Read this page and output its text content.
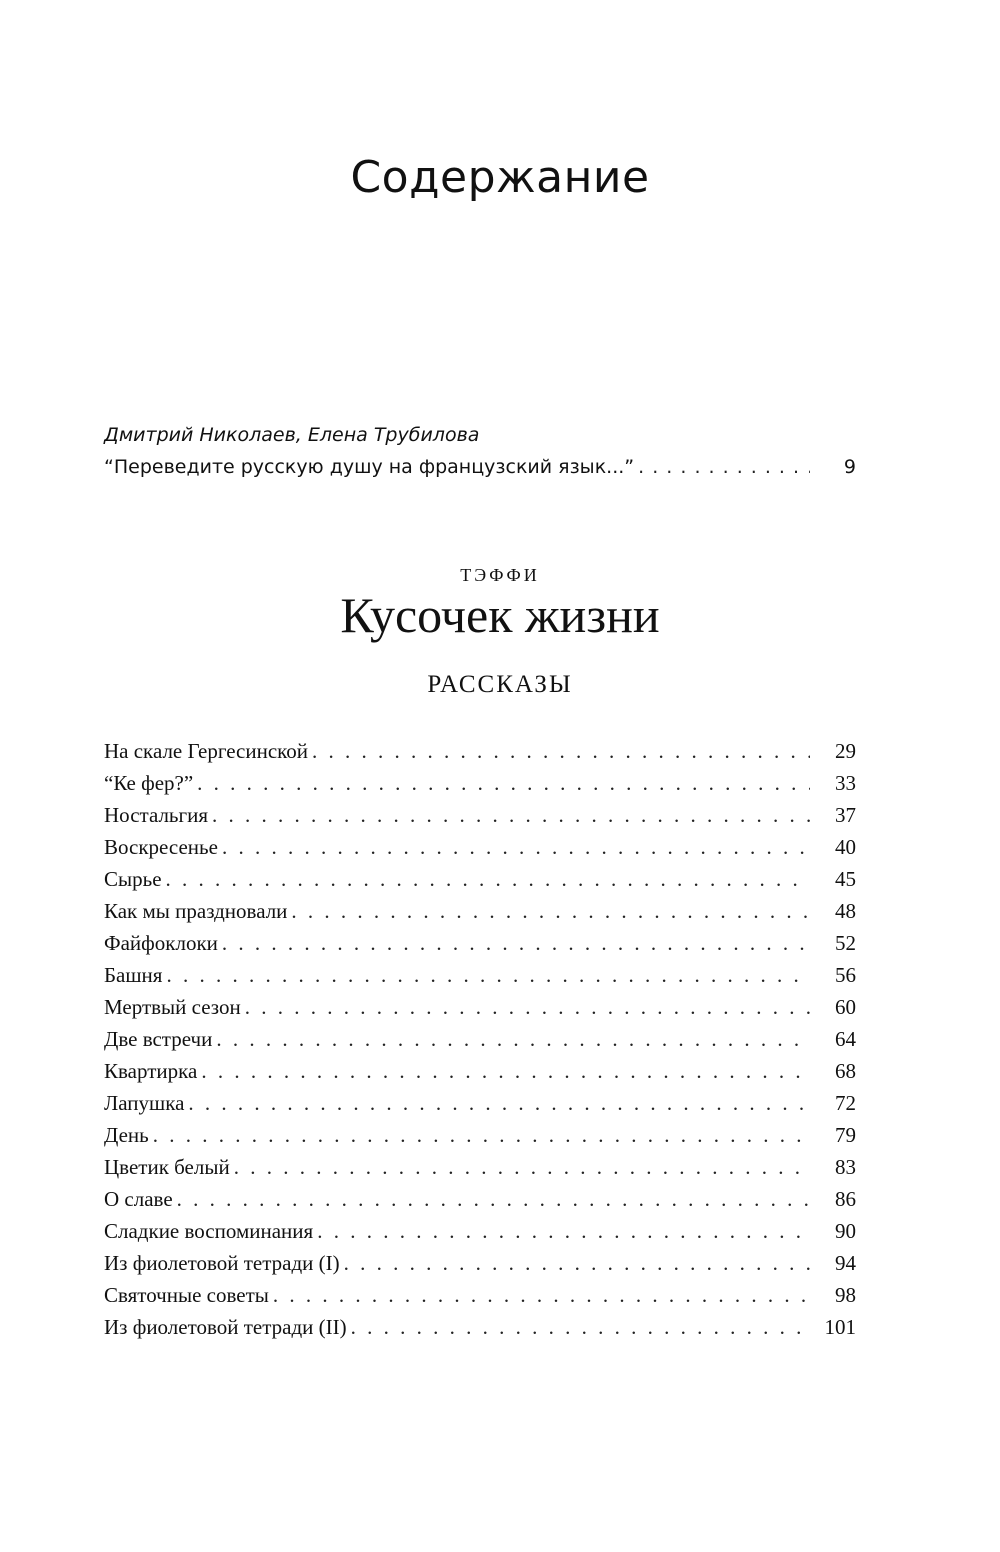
Содержание
Дмитрий Николаев, Елена Трубилова
“Переведите русскую душу на французский язык...” . . .	9
ТЭФФИ
Кусочек жизни
РАССКАЗЫ
На скале Гергесинской . . .	29
“Ке фер?” . . .	33
Ностальгия . . .	37
Воскресенье . . .	40
Сырье . . .	45
Как мы праздновали . . .	48
Файфоклоки . . .	52
Башня . . .	56
Мертвый сезон . . .	60
Две встречи . . .	64
Квартирка . . .	68
Лапушка . . .	72
День . . .	79
Цветик белый . . .	83
О славе . . .	86
Сладкие воспоминания . . .	90
Из фиолетовой тетради (I) . . .	94
Святочные советы . . .	98
Из фиолетовой тетради (II) . . .	101
